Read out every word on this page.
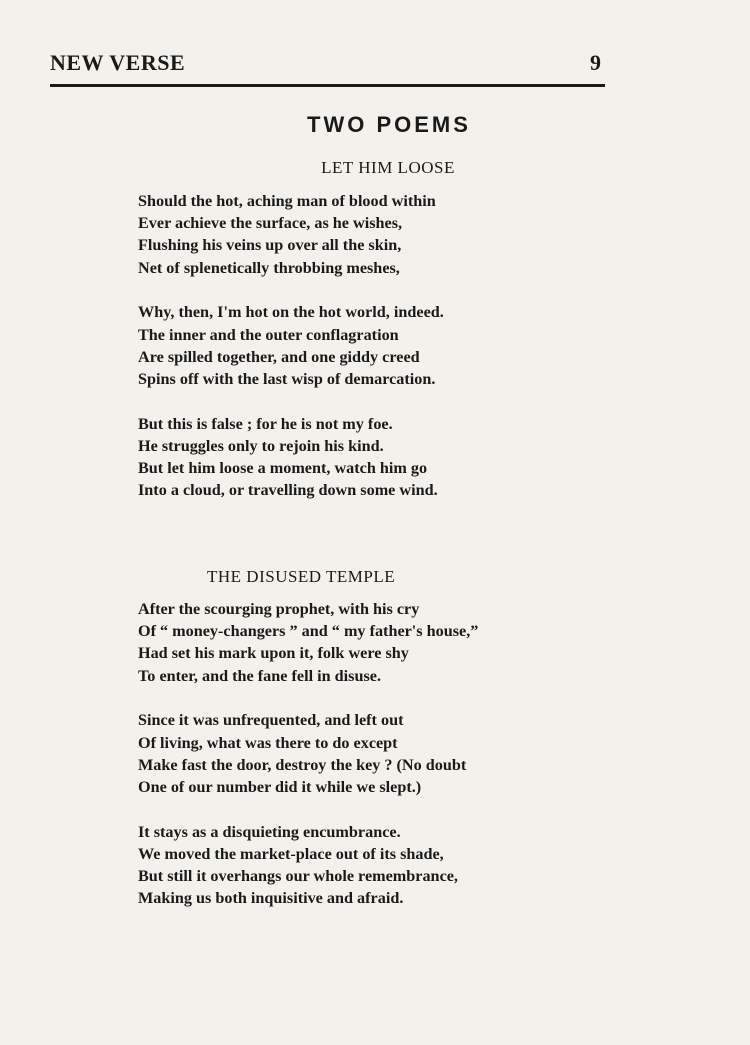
NEW VERSE	9
TWO POEMS
LET HIM LOOSE
Should the hot, aching man of blood within
Ever achieve the surface, as he wishes,
Flushing his veins up over all the skin,
Net of splenetically throbbing meshes,
Why, then, I'm hot on the hot world, indeed.
The inner and the outer conflagration
Are spilled together, and one giddy creed
Spins off with the last wisp of demarcation.
But this is false ; for he is not my foe.
He struggles only to rejoin his kind.
But let him loose a moment, watch him go
Into a cloud, or travelling down some wind.
THE DISUSED TEMPLE
After the scourging prophet, with his cry
Of “ money-changers ” and “ my father's house,”
Had set his mark upon it, folk were shy
To enter, and the fane fell in disuse.
Since it was unfrequented, and left out
Of living, what was there to do except
Make fast the door, destroy the key ? (No doubt
One of our number did it while we slept.)
It stays as a disquieting encumbrance.
We moved the market-place out of its shade,
But still it overhangs our whole remembrance,
Making us both inquisitive and afraid.
